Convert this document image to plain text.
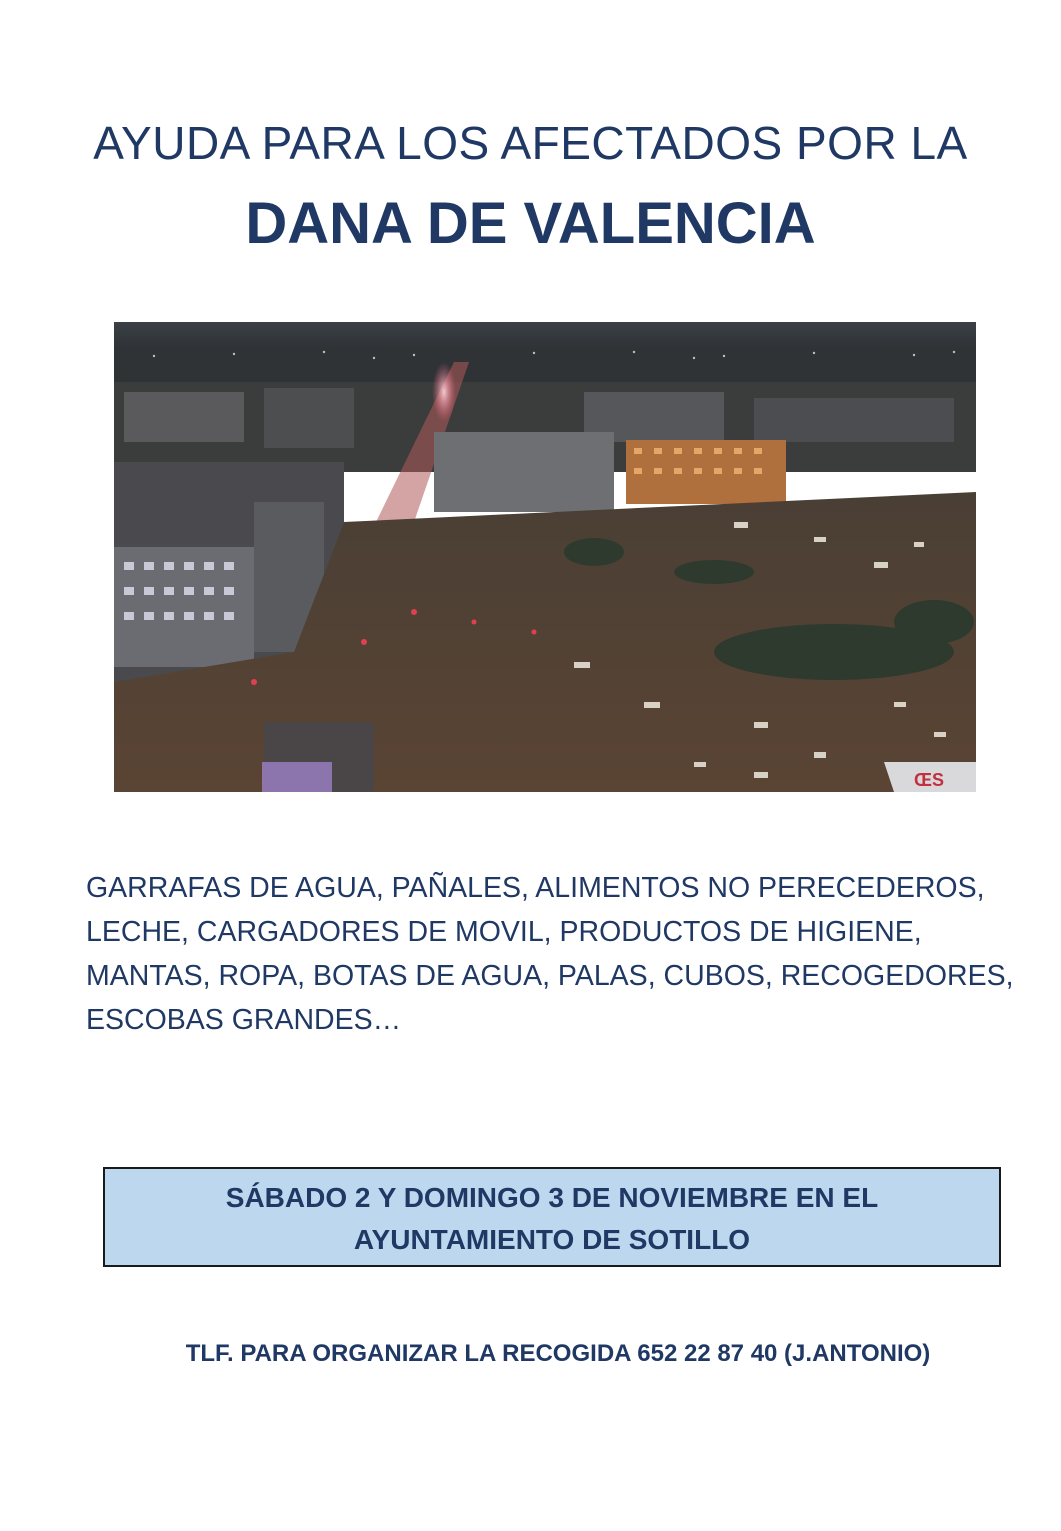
AYUDA PARA LOS AFECTADOS POR LA
DANA DE VALENCIA
ŒS
GARRAFAS DE AGUA, PAÑALES, ALIMENTOS NO PERECEDEROS,
LECHE, CARGADORES DE MOVIL, PRODUCTOS DE HIGIENE,
MANTAS, ROPA, BOTAS DE AGUA, PALAS, CUBOS, RECOGEDORES,
ESCOBAS GRANDES…
SÁBADO 2 Y DOMINGO 3 DE NOVIEMBRE EN EL
AYUNTAMIENTO DE SOTILLO
TLF. PARA ORGANIZAR LA RECOGIDA 652 22 87 40 (J.ANTONIO)
